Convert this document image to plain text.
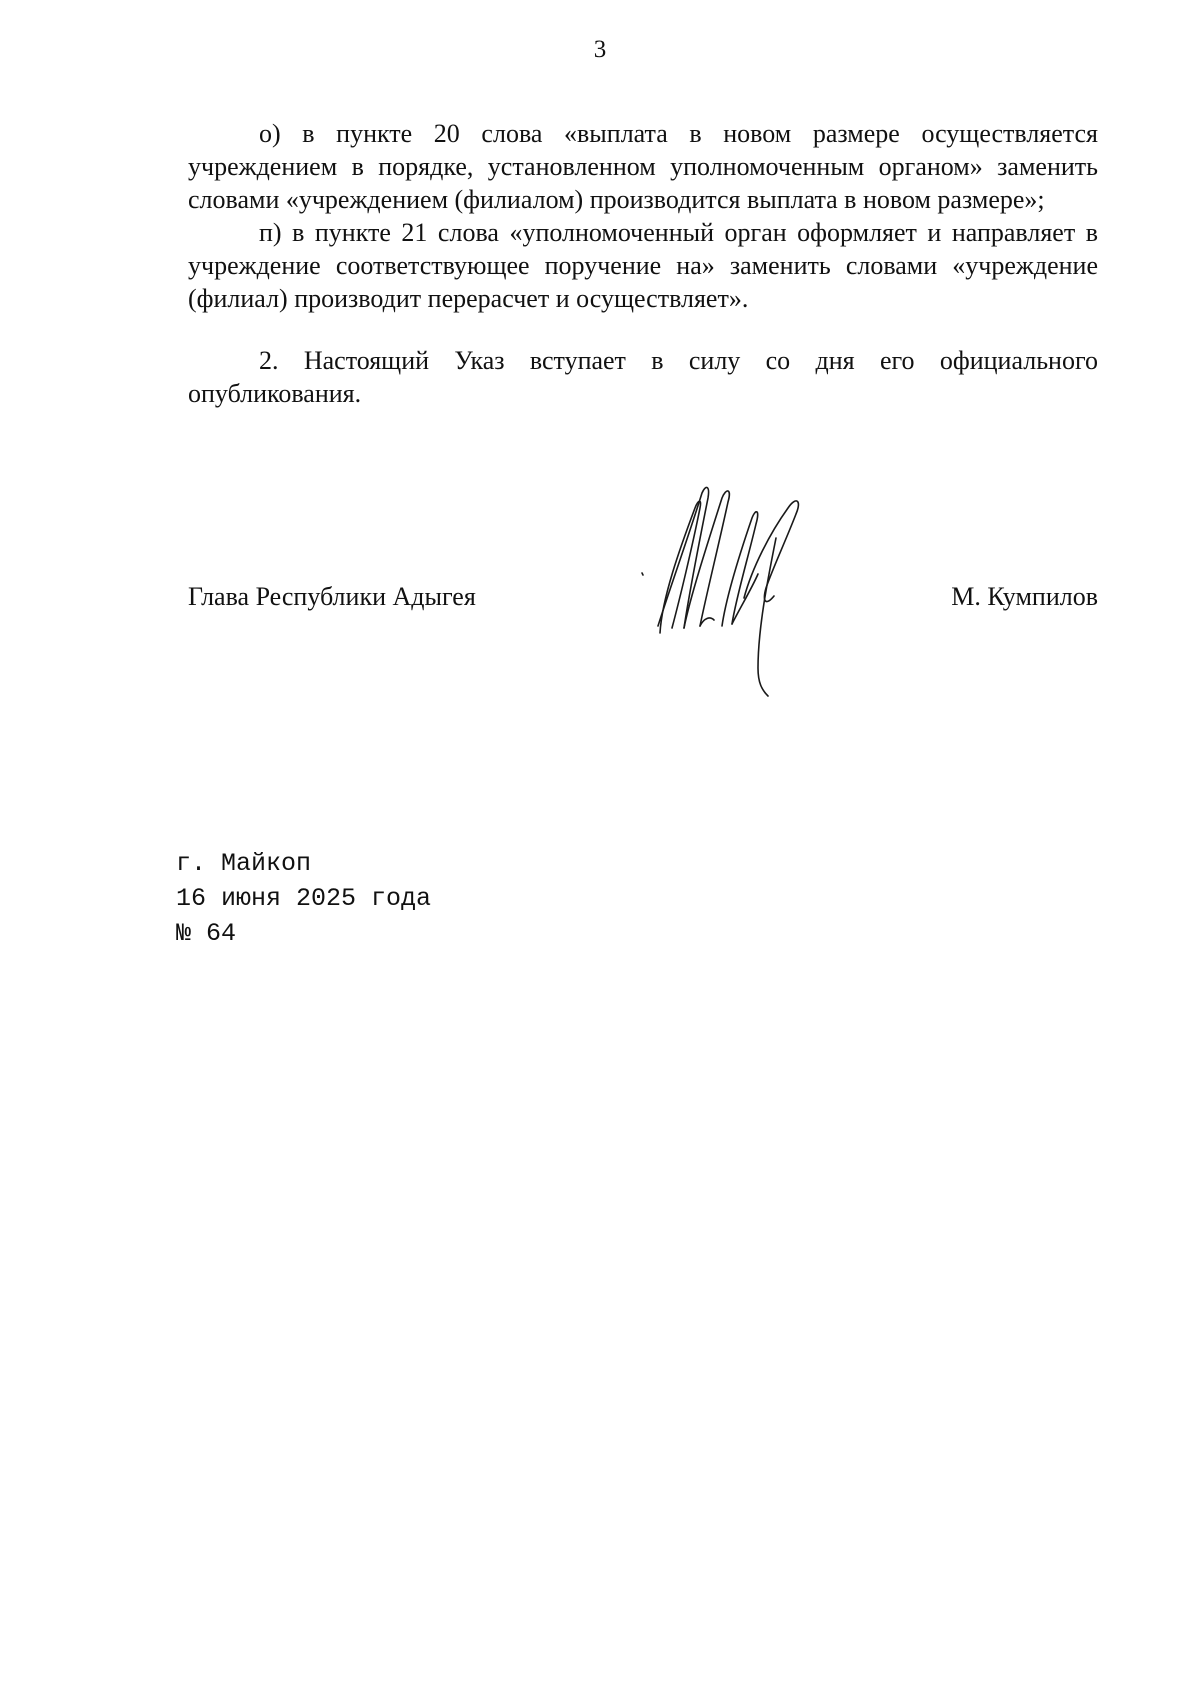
3

о) в пункте 20 слова «выплата в новом размере осуществляется учреждением в порядке, установленном уполномоченным органом» заменить словами «учреждением (филиалом) производится выплата в новом размере»;

п) в пункте 21 слова «уполномоченный орган оформляет и направляет в учреждение соответствующее поручение на» заменить словами «учреждение (филиал) производит перерасчет и осуществляет».

2. Настоящий Указ вступает в силу со дня его официального опубликования.

Глава Республики Адыгея	М. Кумпилов
г. Майкоп
16 июня 2025 года
№ 64
